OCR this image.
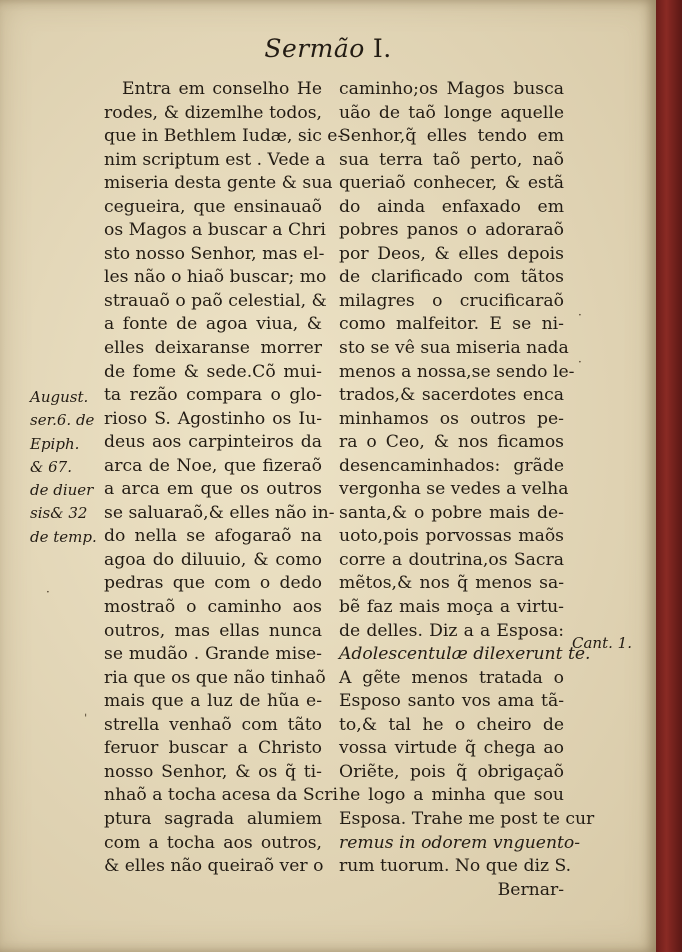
Sermão I.
Entra em conselho He
rodes, & dizemlhe todos,
que in Bethlem Iudæ, sic e-
nim scriptum est . Vede a
miseria desta gente & sua
cegueira, que ensinauaõ
os Magos a buscar a Chri
sto nosso Senhor, mas el-
les não o hiaõ buscar; mo
strauaõ o paõ celestial, &
a fonte de agoa viua, &
elles deixaranse morrer
de fome & sede.Cõ mui-
ta rezão compara o glo-
rioso S. Agostinho os Iu-
deus aos carpinteiros da
arca de Noe, que fizeraõ
a arca em que os outros
se saluaraõ,& elles não in-
do nella se afogaraõ na
agoa do diluuio, & como
pedras que com o dedo
mostraõ o caminho aos
outros, mas ellas nunca
se mudão . Grande mise-
ria que os que não tinhaõ
mais que a luz de hũa e-
strella venhaõ com tãto
feruor buscar a Christo
nosso Senhor, & os q̃ ti-
nhaõ a tocha acesa da Scri
ptura sagrada alumiem
com a tocha aos outros,
& elles não queiraõ ver o
caminho;os Magos busca
uão de taõ longe aquelle
Senhor,q̃ elles tendo em
sua terra taõ perto, naõ
queriaõ conhecer, & estã
do ainda enfaxado em
pobres panos o adoraraõ
por Deos, & elles depois
de clarificado com tãtos
milagres o crucificaraõ
como malfeitor. E se ni-
sto se vê sua miseria nada
menos a nossa,se sendo le-
trados,& sacerdotes enca
minhamos os outros pe-
ra o Ceo, & nos ficamos
desencaminhados: grãde
vergonha se vedes a velha
santa,& o pobre mais de-
uoto,pois porvossas maõs
corre a doutrina,os Sacra
mẽtos,& nos q̃ menos sa-
bẽ faz mais moça a virtu-
de delles. Diz a a Esposa:
Adolescentulæ dilexerunt te.
A gẽte menos tratada o
Esposo santo vos ama tã-
to,& tal he o cheiro de
vossa virtude q̃ chega ao
Oriẽte, pois q̃ obrigaçaõ
he logo a minha que sou
Esposa. Trahe me post te cur
remus in odorem vnguento-
rum tuorum. No que diz S.
Bernar-
August.
ser.6. de
Epiph.
& 67.
de diuer
sis& 32
de temp.
Cant. 1.
·
ˈ
·
·
